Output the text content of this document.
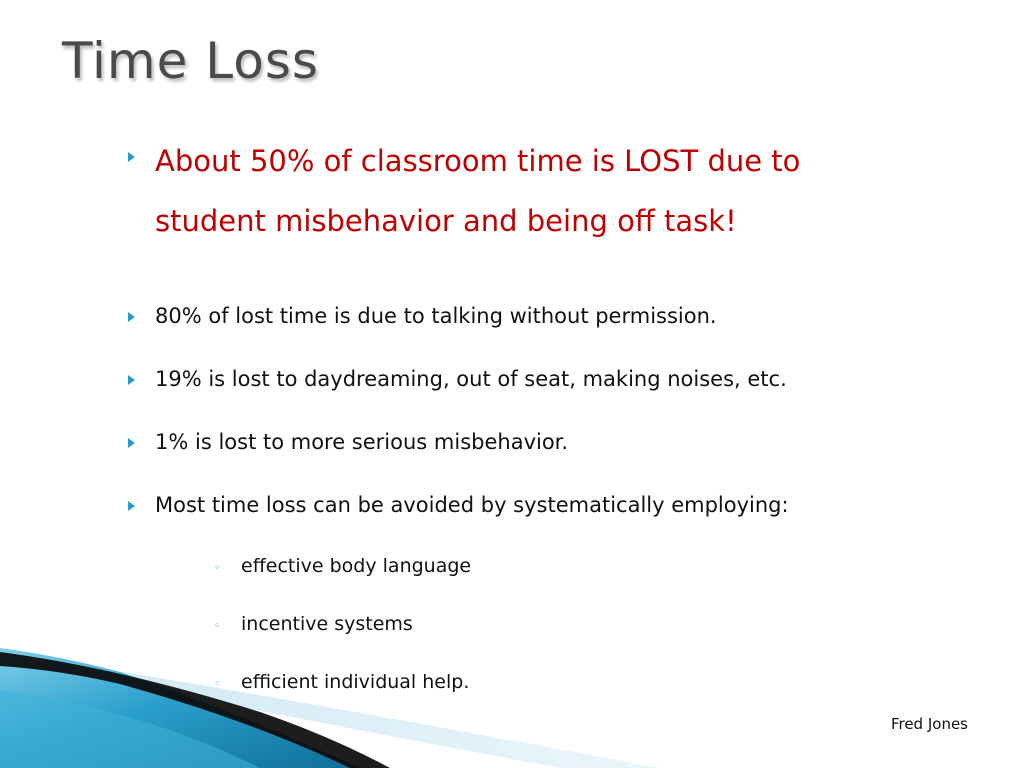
Time Loss
About 50% of classroom time is LOST due to
student misbehavior and being off task!
80% of lost time is due to talking without permission.
19% is lost to daydreaming, out of seat, making noises, etc.
1% is lost to more serious misbehavior.
Most time loss can be avoided by systematically employing:
◦ effective body language
◦ incentive systems
◦ efficient individual help.
Fred Jones
